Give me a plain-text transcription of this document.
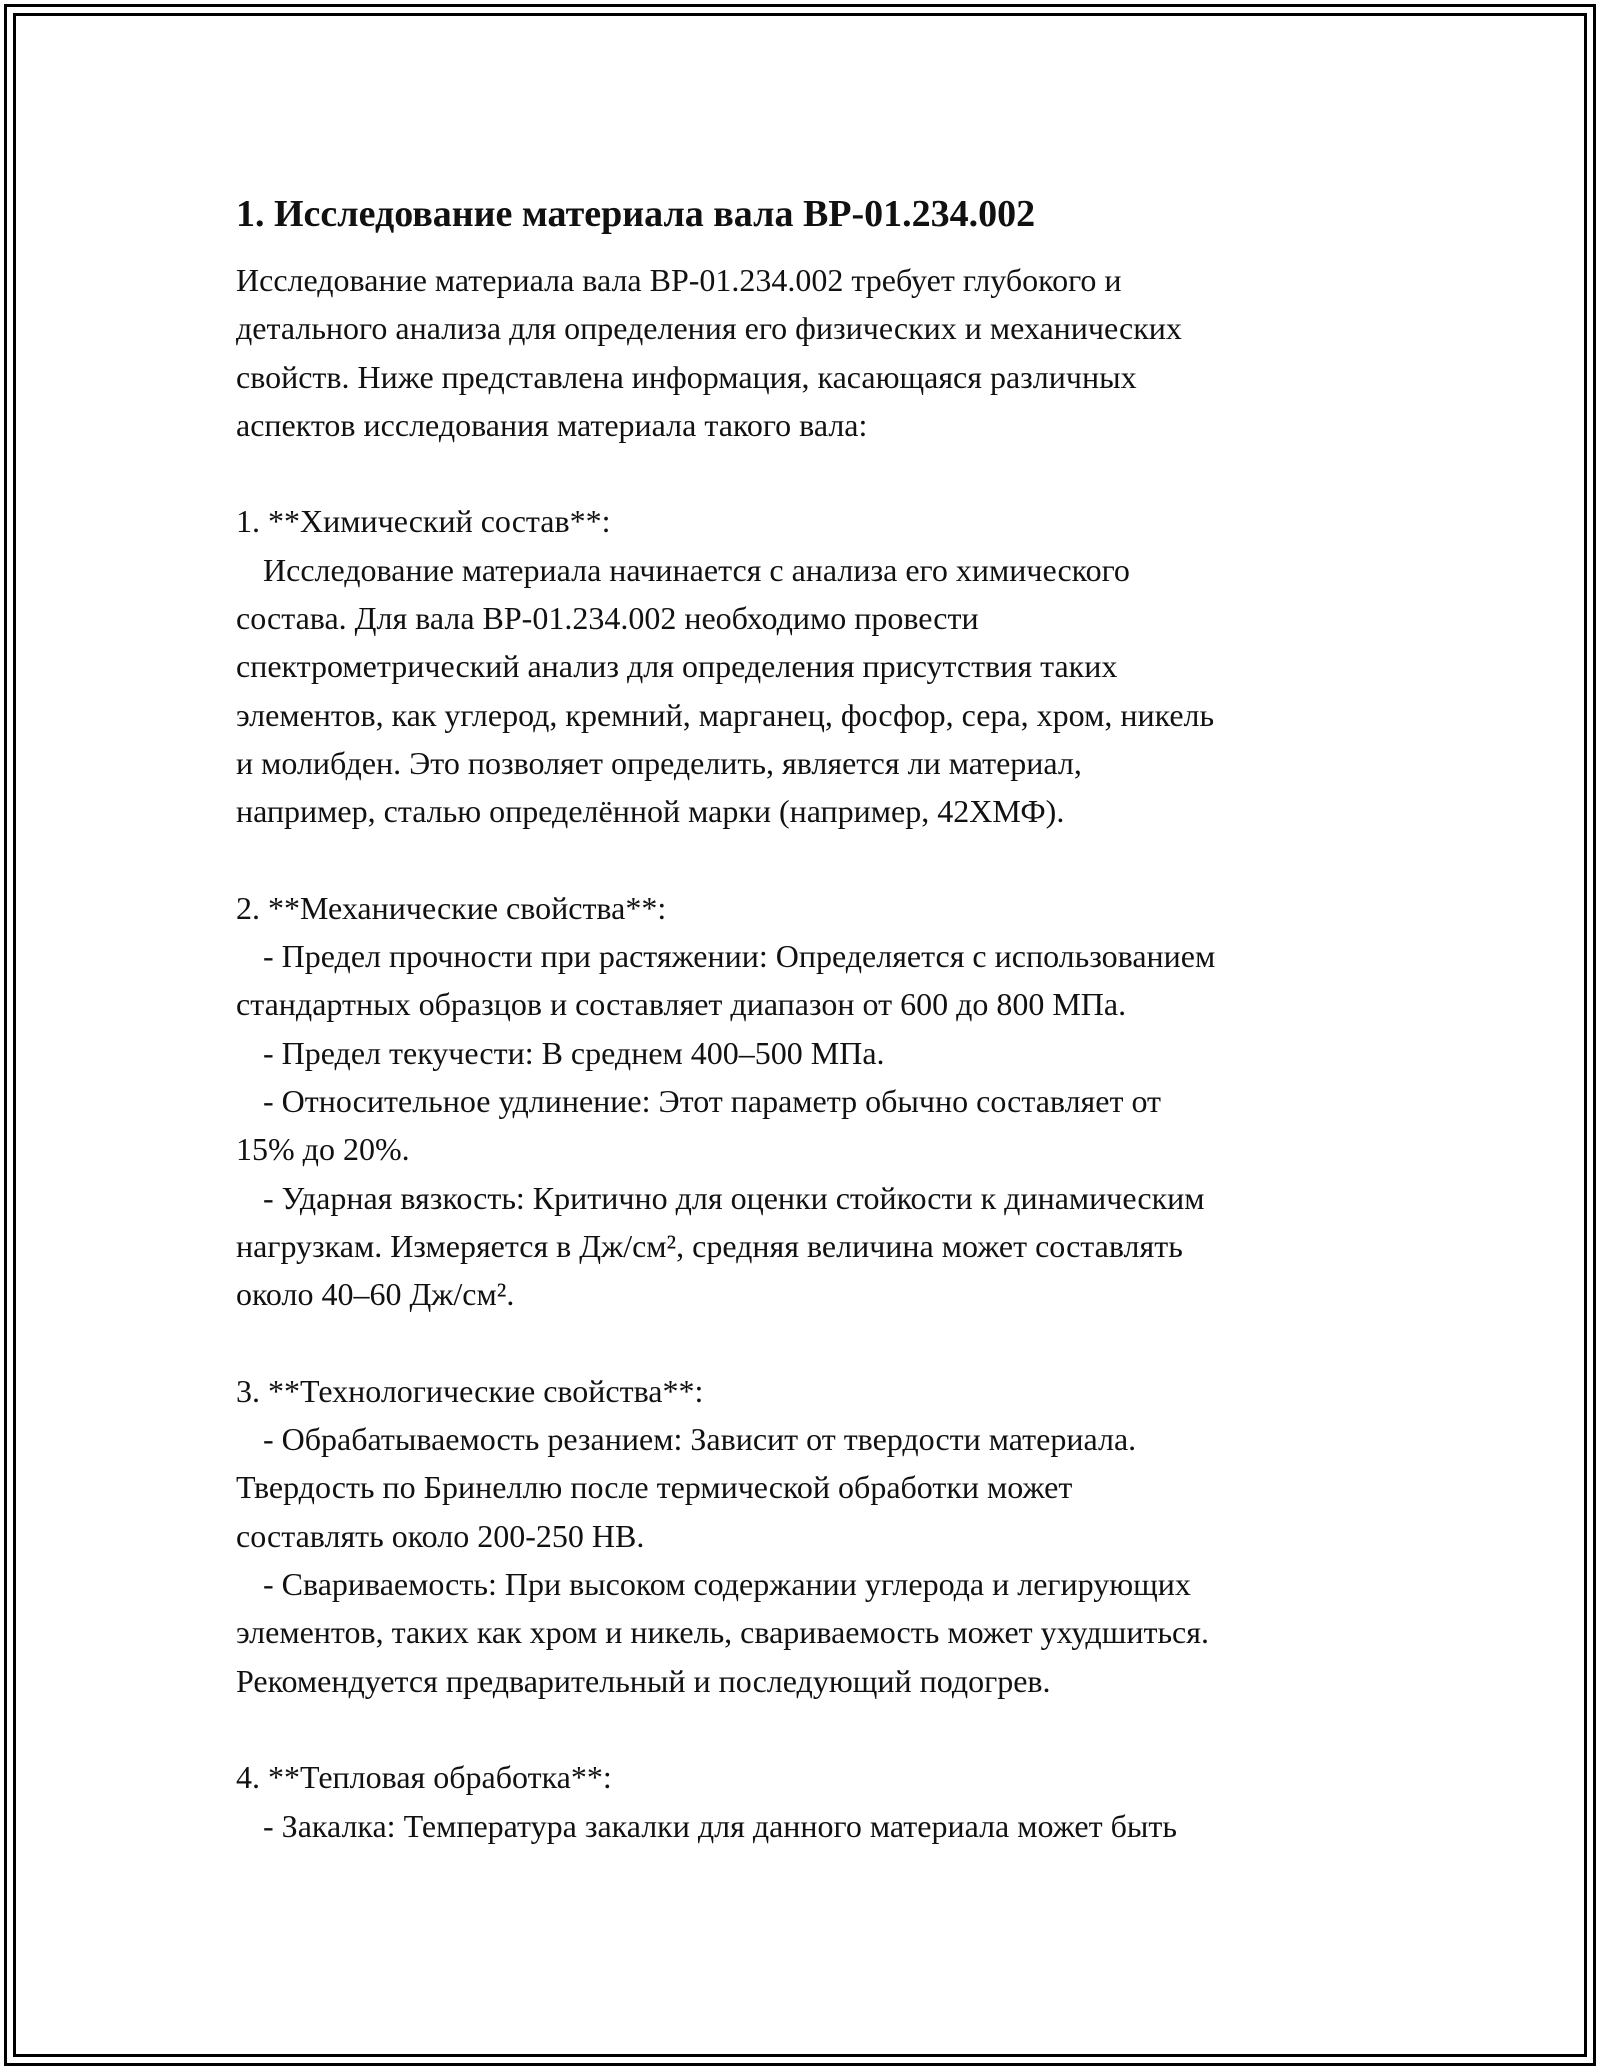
1. Исследование материала вала ВР-01.234.002

Исследование материала вала ВР-01.234.002 требует глубокого и

детального анализа для определения его физических и механических

свойств. Ниже представлена информация, касающаяся различных

аспектов исследования материала такого вала:

1. **Химический состав**:

Исследование материала начинается с анализа его химического

состава. Для вала ВР-01.234.002 необходимо провести

спектрометрический анализ для определения присутствия таких

элементов, как углерод, кремний, марганец, фосфор, сера, хром, никель

и молибден. Это позволяет определить, является ли материал,

например, сталью определённой марки (например, 42ХМФ).

2. **Механические свойства**:

- Предел прочности при растяжении: Определяется с использованием

стандартных образцов и составляет диапазон от 600 до 800 МПа.

- Предел текучести: В среднем 400–500 МПа.

- Относительное удлинение: Этот параметр обычно составляет от

15% до 20%.

- Ударная вязкость: Критично для оценки стойкости к динамическим

нагрузкам. Измеряется в Дж/см², средняя величина может составлять

около 40–60 Дж/см².

3. **Технологические свойства**:

- Обрабатываемость резанием: Зависит от твердости материала.

Твердость по Бринеллю после термической обработки может

составлять около 200-250 НВ.

- Свариваемость: При высоком содержании углерода и легирующих

элементов, таких как хром и никель, свариваемость может ухудшиться.

Рекомендуется предварительный и последующий подогрев.

4. **Тепловая обработка**:

- Закалка: Температура закалки для данного материала может быть
